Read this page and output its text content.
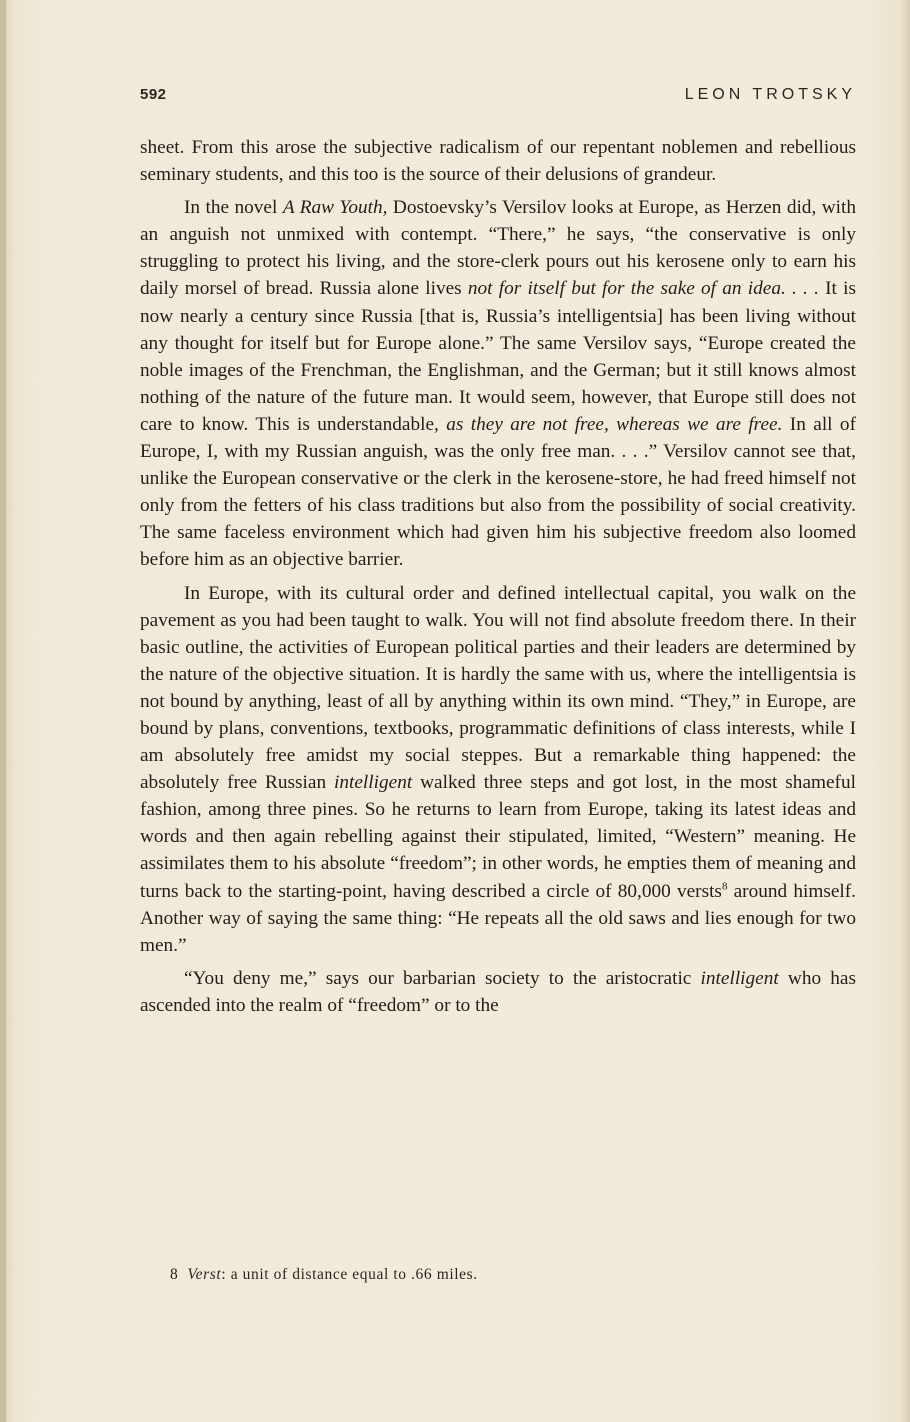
592	LEON TROTSKY

sheet. From this arose the subjective radicalism of our repentant noblemen and rebellious seminary students, and this too is the source of their delusions of grandeur.

In the novel A Raw Youth, Dostoevsky’s Versilov looks at Europe, as Herzen did, with an anguish not unmixed with contempt. “There,” he says, “the conservative is only struggling to protect his living, and the store-clerk pours out his kerosene only to earn his daily morsel of bread. Russia alone lives not for itself but for the sake of an idea. . . . It is now nearly a century since Russia [that is, Russia’s intelligentsia] has been living without any thought for itself but for Europe alone.” The same Versilov says, “Europe created the noble images of the Frenchman, the Englishman, and the German; but it still knows almost nothing of the nature of the future man. It would seem, however, that Europe still does not care to know. This is understandable, as they are not free, whereas we are free. In all of Europe, I, with my Russian anguish, was the only free man. . . .” Versilov cannot see that, unlike the European conservative or the clerk in the kerosene-store, he had freed himself not only from the fetters of his class traditions but also from the possibility of social creativity. The same faceless environment which had given him his subjective freedom also loomed before him as an objective barrier.

In Europe, with its cultural order and defined intellectual capital, you walk on the pavement as you had been taught to walk. You will not find absolute freedom there. In their basic outline, the activities of European political parties and their leaders are determined by the nature of the objective situation. It is hardly the same with us, where the intelligentsia is not bound by anything, least of all by anything within its own mind. “They,” in Europe, are bound by plans, conventions, textbooks, programmatic definitions of class interests, while I am absolutely free amidst my social steppes. But a remarkable thing happened: the absolutely free Russian intelligent walked three steps and got lost, in the most shameful fashion, among three pines. So he returns to learn from Europe, taking its latest ideas and words and then again rebelling against their stipulated, limited, “Western” meaning. He assimilates them to his absolute “freedom”; in other words, he empties them of meaning and turns back to the starting-point, having described a circle of 80,000 versts$^8$ around himself. Another way of saying the same thing: “He repeats all the old saws and lies enough for two men.”

“You deny me,” says our barbarian society to the aristocratic intelligent who has ascended into the realm of “freedom” or to the

8 Verst: a unit of distance equal to .66 miles.
